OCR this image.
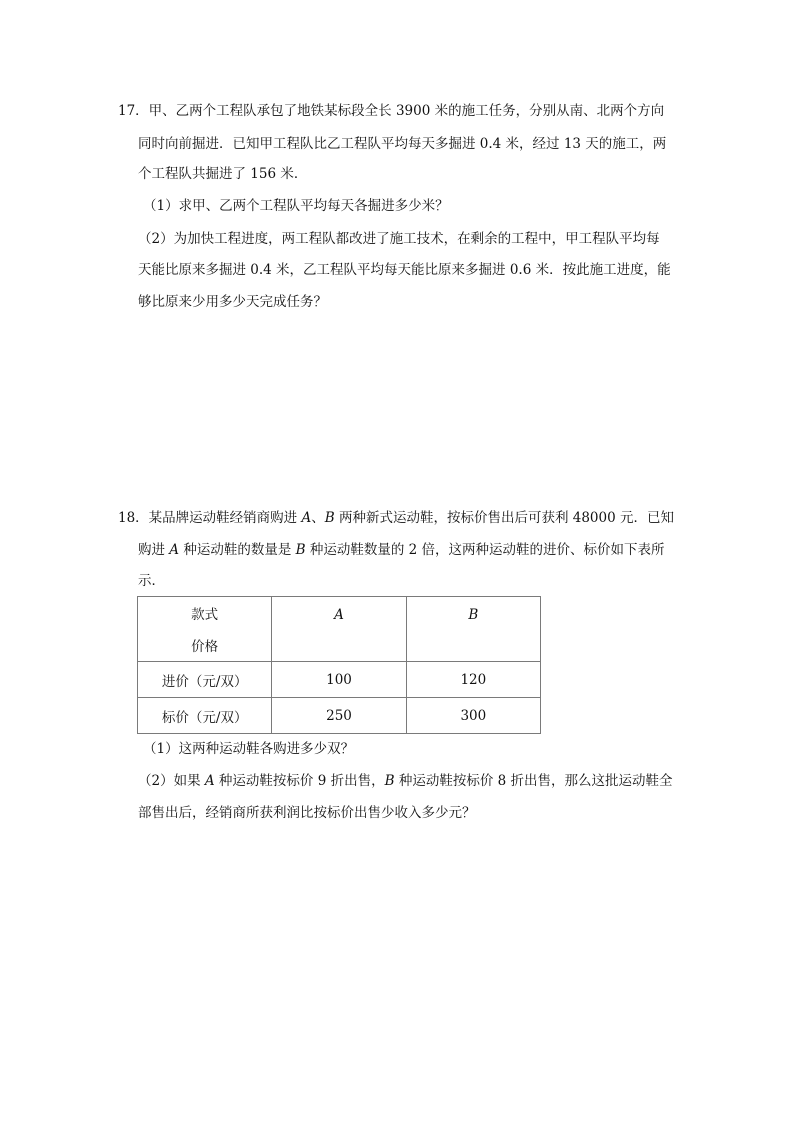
17．甲、乙两个工程队承包了地铁某标段全长 3900 米的施工任务，分别从南、北两个方向
同时向前掘进．已知甲工程队比乙工程队平均每天多掘进 0.4 米，经过 13 天的施工，两
个工程队共掘进了 156 米．
（1）求甲、乙两个工程队平均每天各掘进多少米？
（2）为加快工程进度，两工程队都改进了施工技术，在剩余的工程中，甲工程队平均每
天能比原来多掘进 0.4 米，乙工程队平均每天能比原来多掘进 0.6 米．按此施工进度，能
够比原来少用多少天完成任务？
18．某品牌运动鞋经销商购进 A、B 两种新式运动鞋，按标价售出后可获利 48000 元．已知
购进 A 种运动鞋的数量是 B 种运动鞋数量的 2 倍，这两种运动鞋的进价、标价如下表所
示．
款式
价格	A	B

进价（元/双）	100	120
标价（元/双）	250	300
（1）这两种运动鞋各购进多少双？
（2）如果 A 种运动鞋按标价 9 折出售，B 种运动鞋按标价 8 折出售，那么这批运动鞋全
部售出后，经销商所获利润比按标价出售少收入多少元？
